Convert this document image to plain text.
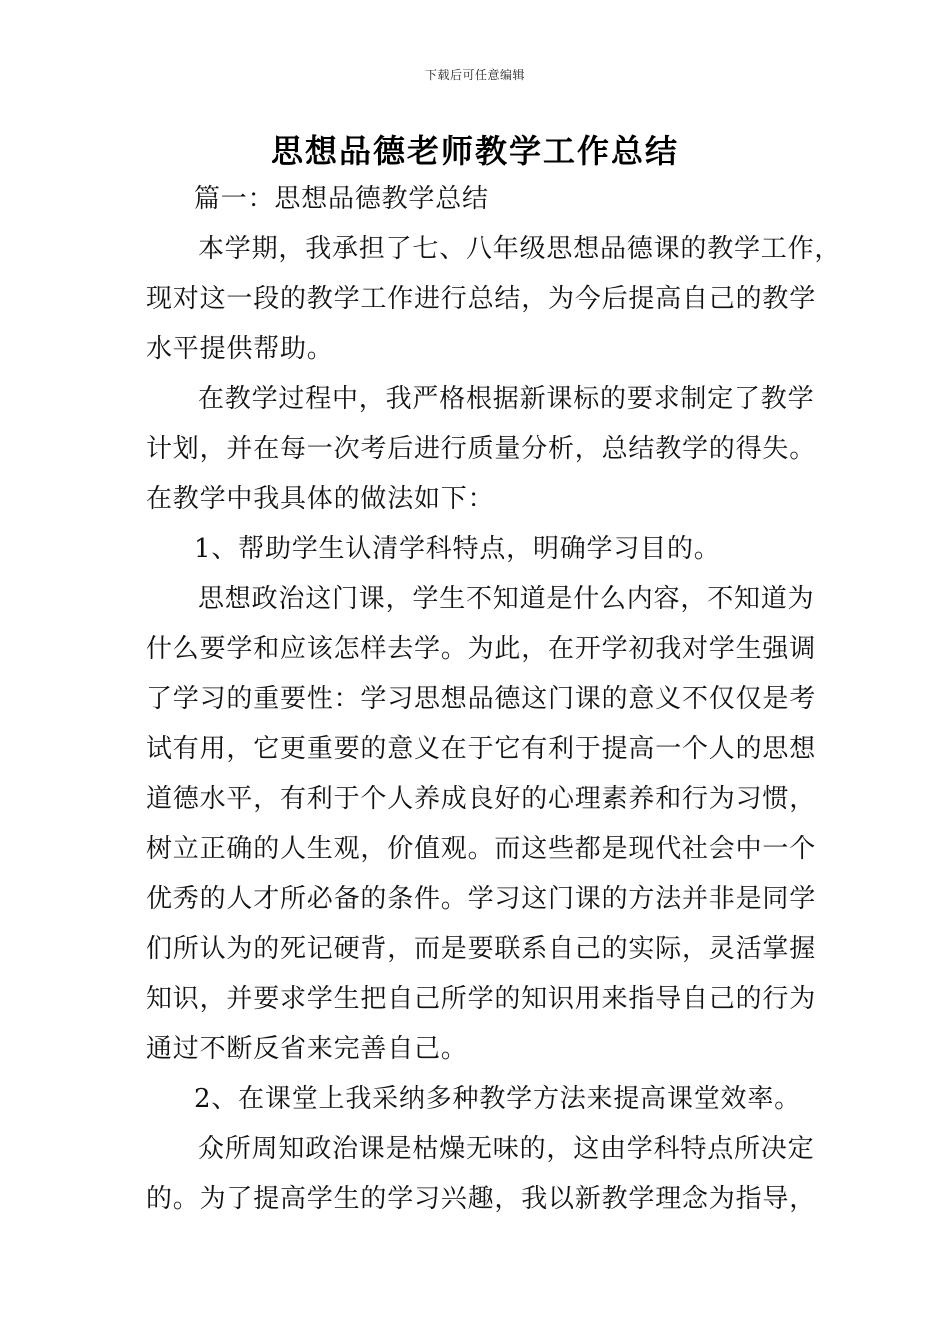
下载后可任意编辑
思想品德老师教学工作总结
篇一：思想品德教学总结
本学期，我承担了七、八年级思想品德课的教学工作，
现对这一段的教学工作进行总结，为今后提高自己的教学
水平提供帮助。
在教学过程中，我严格根据新课标的要求制定了教学
计划，并在每一次考后进行质量分析，总结教学的得失。
在教学中我具体的做法如下：
1、帮助学生认清学科特点，明确学习目的。
思想政治这门课，学生不知道是什么内容，不知道为
什么要学和应该怎样去学。为此，在开学初我对学生强调
了学习的重要性：学习思想品德这门课的意义不仅仅是考
试有用，它更重要的意义在于它有利于提高一个人的思想
道德水平，有利于个人养成良好的心理素养和行为习惯，
树立正确的人生观，价值观。而这些都是现代社会中一个
优秀的人才所必备的条件。学习这门课的方法并非是同学
们所认为的死记硬背，而是要联系自己的实际，灵活掌握
知识，并要求学生把自己所学的知识用来指导自己的行为
通过不断反省来完善自己。
2、在课堂上我采纳多种教学方法来提高课堂效率。
众所周知政治课是枯燥无味的，这由学科特点所决定
的。为了提高学生的学习兴趣，我以新教学理念为指导，
